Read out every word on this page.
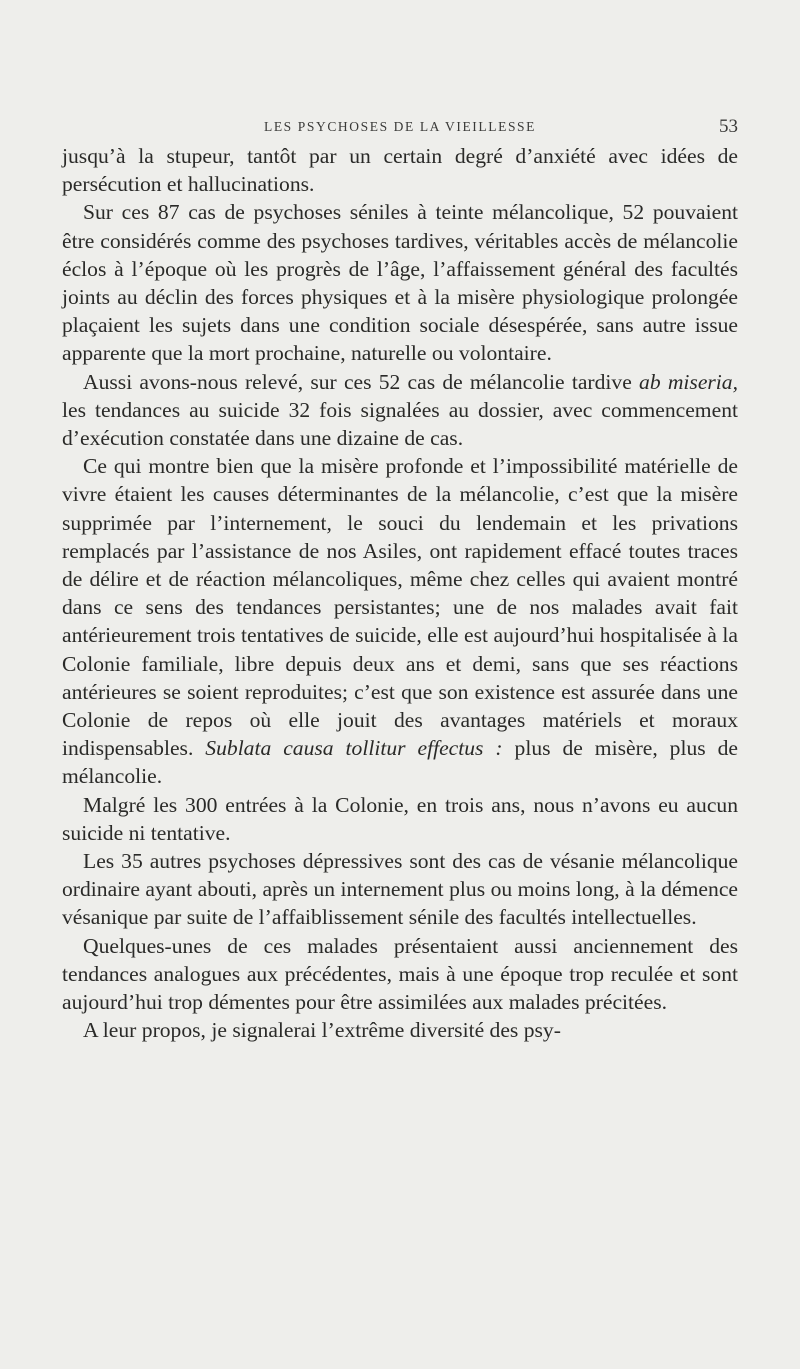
LES PSYCHOSES DE LA VIEILLESSE	53

jusqu’à la stupeur, tantôt par un certain degré d’anxiété avec idées de persécution et hallucinations.

Sur ces 87 cas de psychoses séniles à teinte mélancolique, 52 pouvaient être considérés comme des psychoses tardives, véritables accès de mélancolie éclos à l’époque où les progrès de l’âge, l’affaissement général des facultés joints au déclin des forces physiques et à la misère physiologique prolongée plaçaient les sujets dans une condition sociale désespérée, sans autre issue apparente que la mort prochaine, naturelle ou volontaire.

Aussi avons-nous relevé, sur ces 52 cas de mélancolie tardive ab miseria, les tendances au suicide 32 fois signalées au dossier, avec commencement d’exécution constatée dans une dizaine de cas.

Ce qui montre bien que la misère profonde et l’impossibilité matérielle de vivre étaient les causes déterminantes de la mélancolie, c’est que la misère supprimée par l’internement, le souci du lendemain et les privations remplacés par l’assistance de nos Asiles, ont rapidement effacé toutes traces de délire et de réaction mélancoliques, même chez celles qui avaient montré dans ce sens des tendances persistantes; une de nos malades avait fait antérieurement trois tentatives de suicide, elle est aujourd’hui hospitalisée à la Colonie familiale, libre depuis deux ans et demi, sans que ses réactions antérieures se soient reproduites; c’est que son existence est assurée dans une Colonie de repos où elle jouit des avantages matériels et moraux indispensables. Sublata causa tollitur effectus : plus de misère, plus de mélancolie.

Malgré les 300 entrées à la Colonie, en trois ans, nous n’avons eu aucun suicide ni tentative.

Les 35 autres psychoses dépressives sont des cas de vésanie mélancolique ordinaire ayant abouti, après un internement plus ou moins long, à la démence vésanique par suite de l’affaiblissement sénile des facultés intellectuelles.

Quelques-unes de ces malades présentaient aussi anciennement des tendances analogues aux précédentes, mais à une époque trop reculée et sont aujourd’hui trop démentes pour être assimilées aux malades précitées.

A leur propos, je signalerai l’extrême diversité des psy-
